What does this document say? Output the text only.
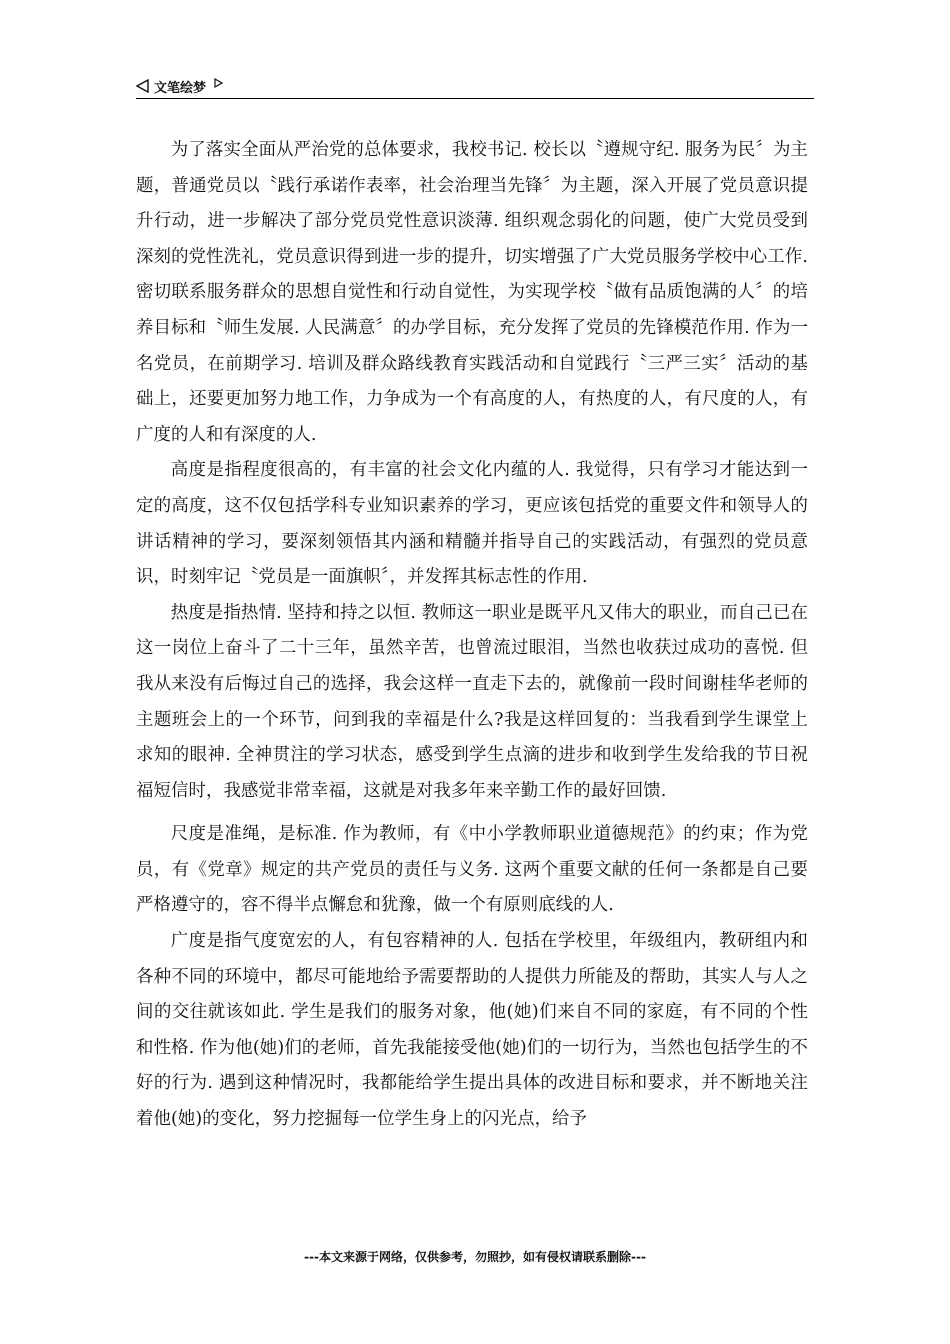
文笔绘梦

为了落实全面从严治党的总体要求，我校书记. 校长以〝遵规守纪. 服务为民〞为主题，普通党员以〝践行承诺作表率，社会治理当先锋〞为主题，深入开展了党员意识提升行动，进一步解决了部分党员党性意识淡薄. 组织观念弱化的问题，使广大党员受到深刻的党性洗礼，党员意识得到进一步的提升，切实增强了广大党员服务学校中心工作. 密切联系服务群众的思想自觉性和行动自觉性，为实现学校〝做有品质饱满的人〞的培养目标和〝师生发展. 人民满意〞的办学目标，充分发挥了党员的先锋模范作用. 作为一名党员，在前期学习. 培训及群众路线教育实践活动和自觉践行〝三严三实〞活动的基础上，还要更加努力地工作，力争成为一个有高度的人，有热度的人，有尺度的人，有广度的人和有深度的人.

高度是指程度很高的，有丰富的社会文化内蕴的人. 我觉得，只有学习才能达到一定的高度，这不仅包括学科专业知识素养的学习，更应该包括党的重要文件和领导人的讲话精神的学习，要深刻领悟其内涵和精髓并指导自己的实践活动，有强烈的党员意识，时刻牢记〝党员是一面旗帜〞，并发挥其标志性的作用.

热度是指热情. 坚持和持之以恒. 教师这一职业是既平凡又伟大的职业，而自己已在这一岗位上奋斗了二十三年，虽然辛苦，也曾流过眼泪，当然也收获过成功的喜悦. 但我从来没有后悔过自己的选择，我会这样一直走下去的，就像前一段时间谢桂华老师的主题班会上的一个环节，问到我的幸福是什么?我是这样回复的：当我看到学生课堂上求知的眼神. 全神贯注的学习状态，感受到学生点滴的进步和收到学生发给我的节日祝福短信时，我感觉非常幸福，这就是对我多年来辛勤工作的最好回馈.

尺度是准绳，是标准. 作为教师，有《中小学教师职业道德规范》的约束；作为党员，有《党章》规定的共产党员的责任与义务. 这两个重要文献的任何一条都是自己要严格遵守的，容不得半点懈怠和犹豫，做一个有原则底线的人.

广度是指气度宽宏的人，有包容精神的人. 包括在学校里，年级组内，教研组内和各种不同的环境中，都尽可能地给予需要帮助的人提供力所能及的帮助，其实人与人之间的交往就该如此. 学生是我们的服务对象，他(她)们来自不同的家庭，有不同的个性和性格. 作为他(她)们的老师，首先我能接受他(她)们的一切行为，当然也包括学生的不好的行为. 遇到这种情况时，我都能给学生提出具体的改进目标和要求，并不断地关注着他(她)的变化，努力挖掘每一位学生身上的闪光点，给予

---本文来源于网络，仅供参考，勿照抄，如有侵权请联系删除---
